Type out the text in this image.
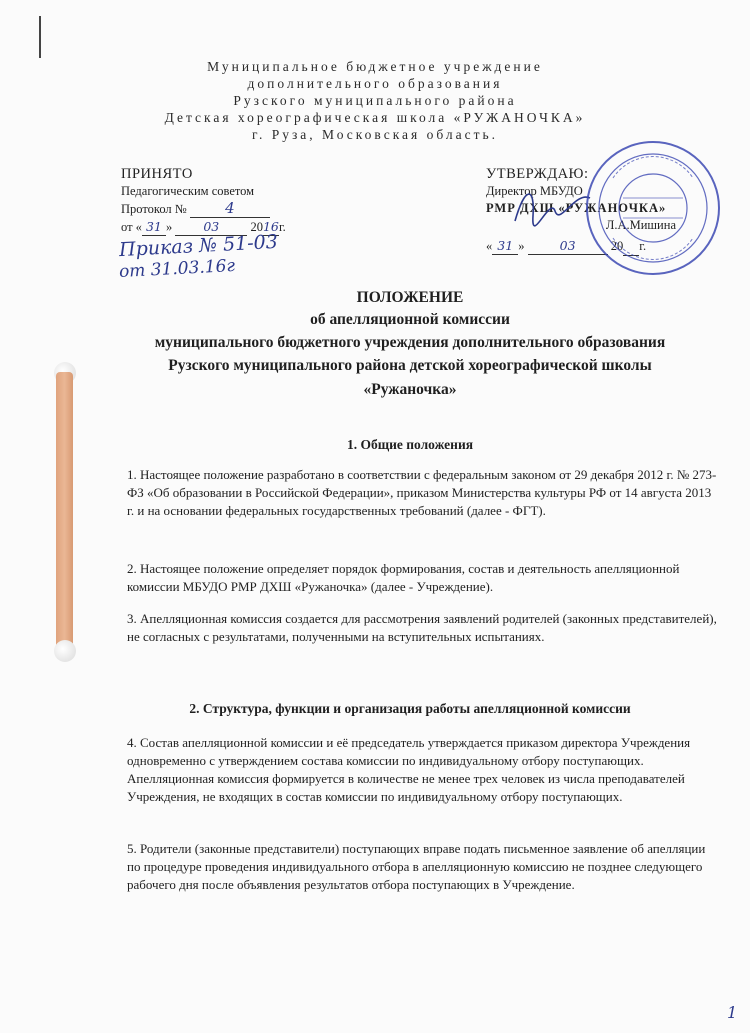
Муниципальное бюджетное учреждение
дополнительного образования
Рузского муниципального района
Детская хореографическая школа «РУЖАНОЧКА»
г. Руза, Московская область.
ПРИНЯТО
Педагогическим советом
Протокол №	4
от « 31 » 03 2016г.
Приказ № 51-03
от 31.03.16г
УТВЕРЖДАЮ:
Директор МБУДО
РМР ДХШ «РУЖАНОЧКА»
Л.А.Мишина
« 31 »	03	20 г.
ПОЛОЖЕНИЕ
об апелляционной комиссии
муниципального бюджетного учреждения дополнительного образования
Рузского муниципального района детской хореографической школы
«Ружаночка»
1. Общие положения
1. Настоящее положение разработано в соответствии с федеральным законом от 29 декабря 2012 г. № 273-ФЗ «Об образовании в Российской Федерации», приказом Министерства культуры РФ от 14 августа 2013 г. и на основании федеральных государственных требований (далее - ФГТ).
2. Настоящее положение определяет порядок формирования, состав и деятельность апелляционной комиссии МБУДО РМР ДХШ «Ружаночка» (далее - Учреждение).
3. Апелляционная комиссия создается для рассмотрения заявлений родителей (законных представителей), не согласных с результатами, полученными на вступительных испытаниях.
2. Структура, функции и организация работы апелляционной комиссии
4. Состав апелляционной комиссии и её председатель утверждается приказом директора Учреждения одновременно с утверждением состава комиссии по индивидуальному отбору поступающих. Апелляционная комиссия формируется в количестве не менее трех человек из числа преподавателей Учреждения, не входящих в состав комиссии по индивидуальному отбору поступающих.
5. Родители (законные представители) поступающих вправе подать письменное заявление об апелляции по процедуре проведения индивидуального отбора в апелляционную комиссию не позднее следующего рабочего дня после объявления результатов отбора поступающих в Учреждение.
1
